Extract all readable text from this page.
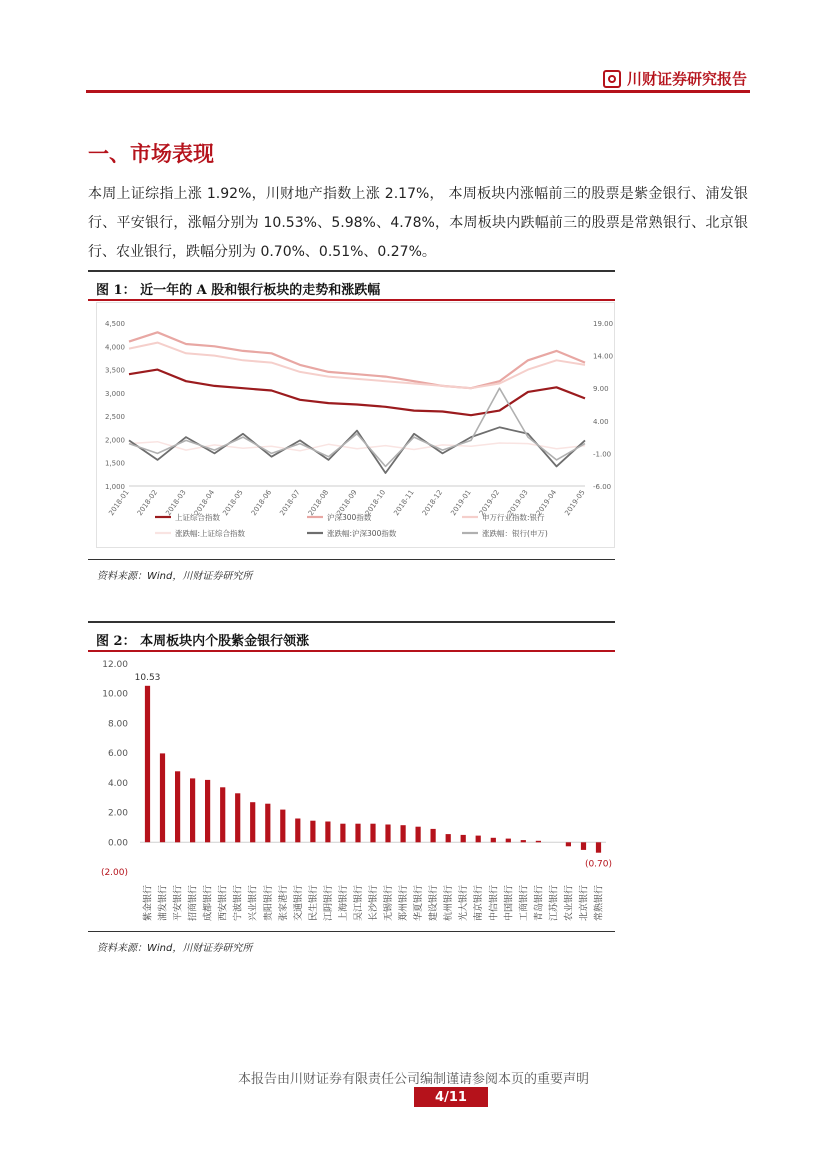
川财证券研究报告
一、市场表现
本周上证综指上涨 1.92%，川财地产指数上涨 2.17%， 本周板块内涨幅前三的股票是紫金银行、浦发银行、平安银行，涨幅分别为 10.53%、5.98%、4.78%，本周板块内跌幅前三的股票是常熟银行、北京银行、农业银行，跌幅分别为 0.70%、0.51%、0.27%。
图 1： 近一年的 A 股和银行板块的走势和涨跌幅
4,500
4,000
3,500
3,000
2,500
2,000
1,500
1,000
19.00
14.00
9.00
4.00
-1.00
-6.00
2018-01 2018-02 2018-03 2018-04 2018-05 2018-06 2018-07 2018-08 2018-09 2018-10 2018-11 2018-12 2019-01 2019-02 2019-03 2019-04 2019-05
上证综合指数	沪深300指数	申万行业指数:银行
涨跌幅:上证综合指数	涨跌幅:沪深300指数	涨跌幅：银行(申万)
资料来源：Wind，川财证券研究所
图 2： 本周板块内个股紫金银行领涨
12.00
10.00
8.00
6.00
4.00
2.00
0.00
(2.00)
紫金银行
10.53
浦发银行 平安银行 招商银行 成都银行 西安银行 宁波银行 兴业银行 贵阳银行 张家港行 交通银行 民生银行 江阴银行 上海银行 吴江银行 长沙银行 无锡银行 郑州银行 华夏银行 建设银行 杭州银行 光大银行 南京银行 中信银行 中国银行 工商银行 青岛银行 江苏银行 农业银行 北京银行 常熟银行
(0.70)
资料来源：Wind，川财证券研究所
本报告由川财证券有限责任公司编制谨请参阅本页的重要声明
4/11
